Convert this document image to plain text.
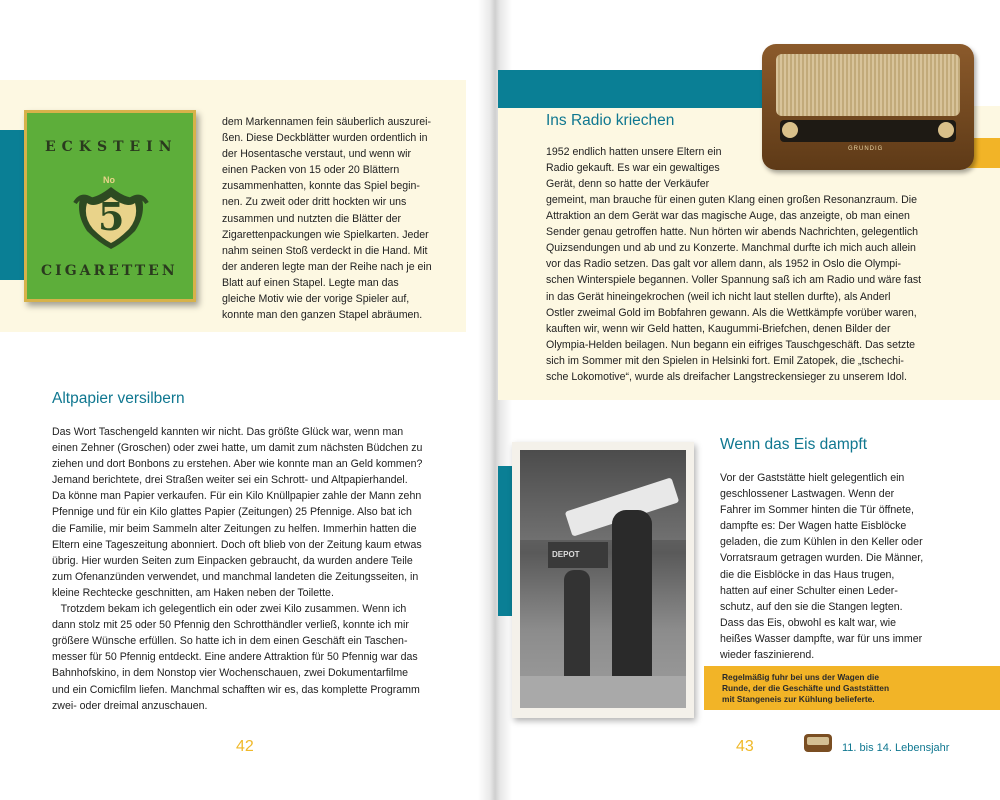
ECKSTEIN
No
5
CIGARETTEN

dem Markennamen fein säuberlich auszurei-

ßen. Diese Deckblätter wurden ordentlich in

der Hosentasche verstaut, und wenn wir

einen Packen von 15 oder 20 Blättern

zusammenhatten, konnte das Spiel begin-

nen. Zu zweit oder dritt hockten wir uns

zusammen und nutzten die Blätter der

Zigarettenpackungen wie Spielkarten. Jeder

nahm seinen Stoß verdeckt in die Hand. Mit

der anderen legte man der Reihe nach je ein

Blatt auf einen Stapel. Legte man das

gleiche Motiv wie der vorige Spieler auf,

konnte man den ganzen Stapel abräumen.

Altpapier versilbern

Das Wort Taschengeld kannten wir nicht. Das größte Glück war, wenn man

einen Zehner (Groschen) oder zwei hatte, um damit zum nächsten Büdchen zu

ziehen und dort Bonbons zu erstehen. Aber wie konnte man an Geld kommen?

Jemand berichtete, drei Straßen weiter sei ein Schrott- und Altpapierhandel.

Da könne man Papier verkaufen. Für ein Kilo Knüllpapier zahle der Mann zehn

Pfennige und für ein Kilo glattes Papier (Zeitungen) 25 Pfennige. Also bat ich

die Familie, mir beim Sammeln alter Zeitungen zu helfen. Immerhin hatten die

Eltern eine Tageszeitung abonniert. Doch oft blieb von der Zeitung kaum etwas

übrig. Hier wurden Seiten zum Einpacken gebraucht, da wurden andere Teile

zum Ofenanzünden verwendet, und manchmal landeten die Zeitungsseiten, in

kleine Rechtecke geschnitten, am Haken neben der Toilette.

Trotzdem bekam ich gelegentlich ein oder zwei Kilo zusammen. Wenn ich

dann stolz mit 25 oder 50 Pfennig den Schrotthändler verließ, konnte ich mir

größere Wünsche erfüllen. So hatte ich in dem einen Geschäft ein Taschen-

messer für 50 Pfennig entdeckt. Eine andere Attraktion für 50 Pfennig war das

Bahnhofskino, in dem Nonstop vier Wochenschauen, zwei Dokumentarfilme

und ein Comicfilm liefen. Manchmal schafften wir es, das komplette Programm

zwei- oder dreimal anzuschauen.

42
GRUNDIG
Ins Radio kriechen

1952 endlich hatten unsere Eltern ein

Radio gekauft. Es war ein gewaltiges

Gerät, denn so hatte der Verkäufer

gemeint, man brauche für einen guten Klang einen großen Resonanzraum. Die

Attraktion an dem Gerät war das magische Auge, das anzeigte, ob man einen

Sender genau getroffen hatte. Nun hörten wir abends Nachrichten, gelegentlich

Quizsendungen und ab und zu Konzerte. Manchmal durfte ich mich auch allein

vor das Radio setzen. Das galt vor allem dann, als 1952 in Oslo die Olympi-

schen Winterspiele begannen. Voller Spannung saß ich am Radio und wäre fast

in das Gerät hineingekrochen (weil ich nicht laut stellen durfte), als Anderl

Ostler zweimal Gold im Bobfahren gewann. Als die Wettkämpfe vorüber waren,

kauften wir, wenn wir Geld hatten, Kaugummi-Briefchen, denen Bilder der

Olympia-Helden beilagen. Nun begann ein eifriges Tauschgeschäft. Das setzte

sich im Sommer mit den Spielen in Helsinki fort. Emil Zatopek, die „tschechi-

sche Lokomotive“, wurde als dreifacher Langstreckensieger zu unserem Idol.

DEPOT
Wenn das Eis dampft

Vor der Gaststätte hielt gelegentlich ein

geschlossener Lastwagen. Wenn der

Fahrer im Sommer hinten die Tür öffnete,

dampfte es: Der Wagen hatte Eisblöcke

geladen, die zum Kühlen in den Keller oder

Vorratsraum getragen wurden. Die Männer,

die die Eisblöcke in das Haus trugen,

hatten auf einer Schulter einen Leder-

schutz, auf den sie die Stangen legten.

Dass das Eis, obwohl es kalt war, wie

heißes Wasser dampfte, war für uns immer

wieder faszinierend.

Regelmäßig fuhr bei uns der Wagen die

Runde, der die Geschäfte und Gaststätten

mit Stangeneis zur Kühlung belieferte.

43	11. bis 14. Lebensjahr
